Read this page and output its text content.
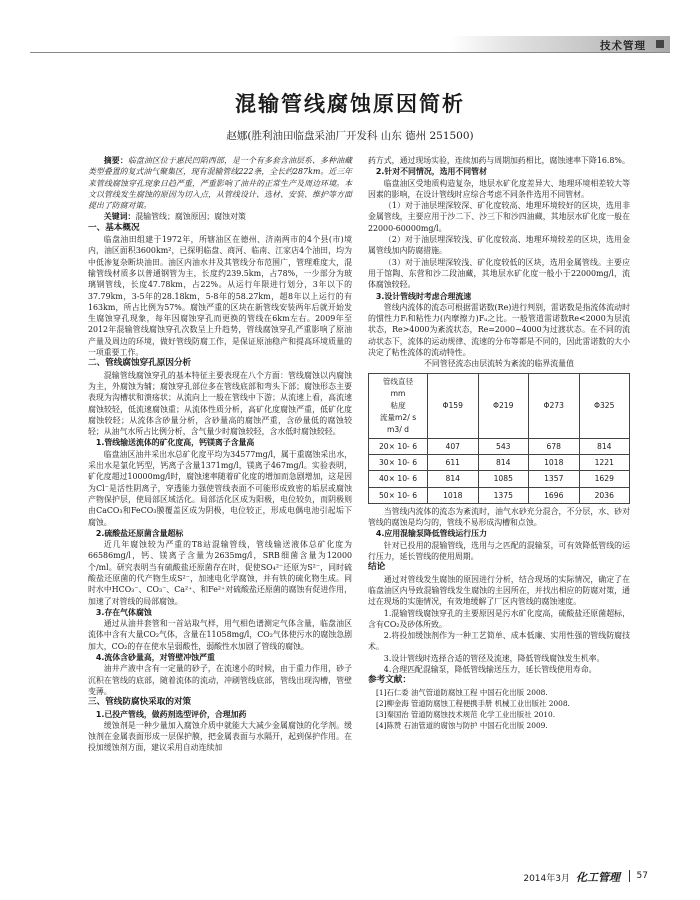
技术管理
混输管线腐蚀原因简析
赵娜(胜利油田临盘采油厂开发科 山东 德州 251500)

摘要：临盘油区位于惠民凹陷西部，是一个有多套含油层系、多种油藏类型叠置的复式油气聚集区，现有混输管线222条，全长约287km。近三年来管线腐蚀穿孔现象日趋严重，严重影响了油井的正常生产及周边环境。本文以管线发生腐蚀的原因为切入点，从管线设计、选材、安装、维护等方面提出了防腐对策。

关键词：混输管线；腐蚀原因；腐蚀对策

一、基本概况

临盘油田组建于1972年，所辖油区在德州、济南两市的4个县(市)境内，油区面积3600km²，已探明临盘、商河、临南、江家店4个油田，均为中低渗复杂断块油田。油区内油水井及其管线分布范围广，管理难度大，混输管线材质多以普通钢管为主，长度约239.5km，占78%，一少部分为玻璃钢管线，长度47.78km，占22%。从运行年限进行划分，3年以下的37.79km，3-5年的28.18km，5-8年的58.27km，超8年以上运行的有163km，所占比例为57%。腐蚀严重的区块在新管线安装两年后就开始发生腐蚀穿孔现象，每年因腐蚀穿孔而更换的管线在6km左右。2009年至2012年混输管线腐蚀穿孔次数呈上升趋势，管线腐蚀穿孔严重影响了原油产量及周边的环境，做好管线防腐工作，是保证原油稳产和提高环境质量的一项重要工作。

二、管线腐蚀穿孔原因分析

混输管线腐蚀穿孔的基本特征主要表现在八个方面：管线腐蚀以内腐蚀为主，外腐蚀为辅；腐蚀穿孔部位多在管线底部和弯头下部；腐蚀形态主要表现为沟槽状和溃疡状；从流向上一般在管线中下游；从流速上看，高流速腐蚀较轻，低流速腐蚀重；从流体性质分析，高矿化度腐蚀严重，低矿化度腐蚀较轻；从流体含砂量分析，含砂量高的腐蚀严重，含砂量低的腐蚀较轻；从油气水所占比例分析，含气量少时腐蚀较轻，含水低时腐蚀较轻。

1.管线输送流体的矿化度高，钙镁离子含量高

临盘油区油井采出水总矿化度平均为34577mg/l，属于重腐蚀采出水，采出水是氯化钙型，钙离子含量1371mg/l，镁离子467mg/l。实验表明，矿化度超过10000mg/l时，腐蚀速率随着矿化度的增加而急剧增加，这是因为Cl⁻是活性阴离子，穿透能力强使管线表面不可能形成致密的垢层或腐蚀产物保护层，使局部区域活化。局部活化区成为阳极，电位较负，而阴极则由CaCO₃和FeCO₃膜覆盖区成为阴极，电位较正，形成电偶电池引起垢下腐蚀。

2.硫酸盐还原菌含量超标

近几年腐蚀较为严重的T8站混输管线，管线输送液体总矿化度为66586mg/l，钙、镁离子含量为2635mg/l，SRB细菌含量为12000个/ml。研究表明当有硫酸盐还原菌存在时，促使SO₄²⁻还原为S²⁻，同时硫酸盐还原菌的代产物生成S²⁻，加速电化学腐蚀，并有铁的硫化物生成。同时水中HCO₃⁻、CO₃⁻、Ca²⁺、和Fe²⁺对硫酸盐还原菌的腐蚀有促进作用，加速了对管线的局部腐蚀。

3.存在气体腐蚀

通过从油井套管和一首站取气样，用气相色谱测定气体含量，临盘油区流体中含有大量CO₂气体，含量在11058mg/l，CO₂气体使污水的腐蚀急剧加大，CO₂的存在使水呈弱酸性，弱酸性水加剧了管线的腐蚀。

4.流体含砂量高，对管壁冲蚀严重

油井产液中含有一定量的砂子，在流速小的时候，由于重力作用，砂子沉积在管线的底部，随着流体的流动，冲刷管线底部，管线出现沟槽，管壁变薄。

三、管线防腐快采取的对策
1.已投产管线，做药剂选型评价，合理加药

缓蚀剂是一种少量加入腐蚀介质中就能大大减少金属腐蚀的化学剂。缓蚀剂在金属表面形成一层保护膜，把金属表面与水隔开，起到保护作用。在投加缓蚀剂方面，建议采用自动连续加

药方式，通过现场实验，连续加药与周期加药相比，腐蚀速率下降16.8%。

2.针对不同情况，选用不同管材

临盘油区受地质构造复杂，地层水矿化度差异大、地理环境相差较大等因素的影响，在设计管线时应综合考虑不同条件选用不同管材。

（1）对于油层埋深较深、矿化度较高、地理环境较好的区块，选用非金属管线，主要应用于沙二下、沙三下和沙四油藏，其地层水矿化度一般在22000-60000mg/l。

（2）对于油层埋深较浅、矿化度较高、地理环境较差的区块，选用金属管线加内防腐措施。

（3）对于油层埋深较浅、矿化度较低的区块，选用金属管线。主要应用于馆陶、东营和沙二段油藏，其地层水矿化度一般小于22000mg/l，流体腐蚀较轻。

3.设计管线时考虑合理流速

管线内流体的流态可根据雷诺数(Re)进行判别，雷诺数是指流体流动时的惯性力Fᵢ和粘性力(内摩擦力)Fᵤ之比。一般管道雷诺数Re<2000为层流状态，Re>4000为紊流状态，Re=2000~4000为过渡状态。在不同的流动状态下，流体的运动规律、流速的分布等都是不同的，因此雷诺数的大小决定了粘性流体的流动特性。

不同管径流态由层流转为紊流的临界流量值

管线直径
mm
粘度
流量m2/ s
m3/ d	Φ159	Φ219	Φ273	Φ325
20× 10- 6	407	543	678	814
30× 10- 6	611	814	1018	1221
40× 10- 6	814	1085	1357	1629
50× 10- 6	1018	1375	1696	2036

当管线内流体的流态为紊流时，油气水砂充分混合，不分层，水、砂对管线的腐蚀是均匀的，管线不易形成沟槽和点蚀。

4.应用混输泵降低管线运行压力

针对已投用的混输管线，选用与之匹配的混输泵，可有效降低管线的运行压力，延长管线的使用周期。

结论

通过对管线发生腐蚀的原因进行分析，结合现场的实际情况，确定了在临盘油区内导致混输管线发生腐蚀的主因所在，并找出相应的防腐对策，通过在现场的实施情况，有效地缓解了厂区内管线的腐蚀速度。

1.混输管线腐蚀穿孔的主要原因是污水矿化度高，硫酸盐还原菌超标，含有CO₂及砂体所致。

2.将投加缓蚀剂作为一种工艺简单、成本低廉、实用性强的管线防腐技术。

3.设计管线时选择合适的管径及流速，降低管线腐蚀发生机率。

4.合理匹配混输泵，降低管线输送压力，延长管线使用寿命。

参考文献：

[1]石仁委 油气管道防腐蚀工程 中国石化出版 2008.

[2]柳金海 管道防腐蚀工程便携手册 机械工业出版社 2008.

[3]秦国治 管道防腐蚀技术规范 化学工业出版社 2010.

[4]陈赞 石油管道的腐蚀与防护 中国石化出版 2009.

2014年3月 化工管理 57
